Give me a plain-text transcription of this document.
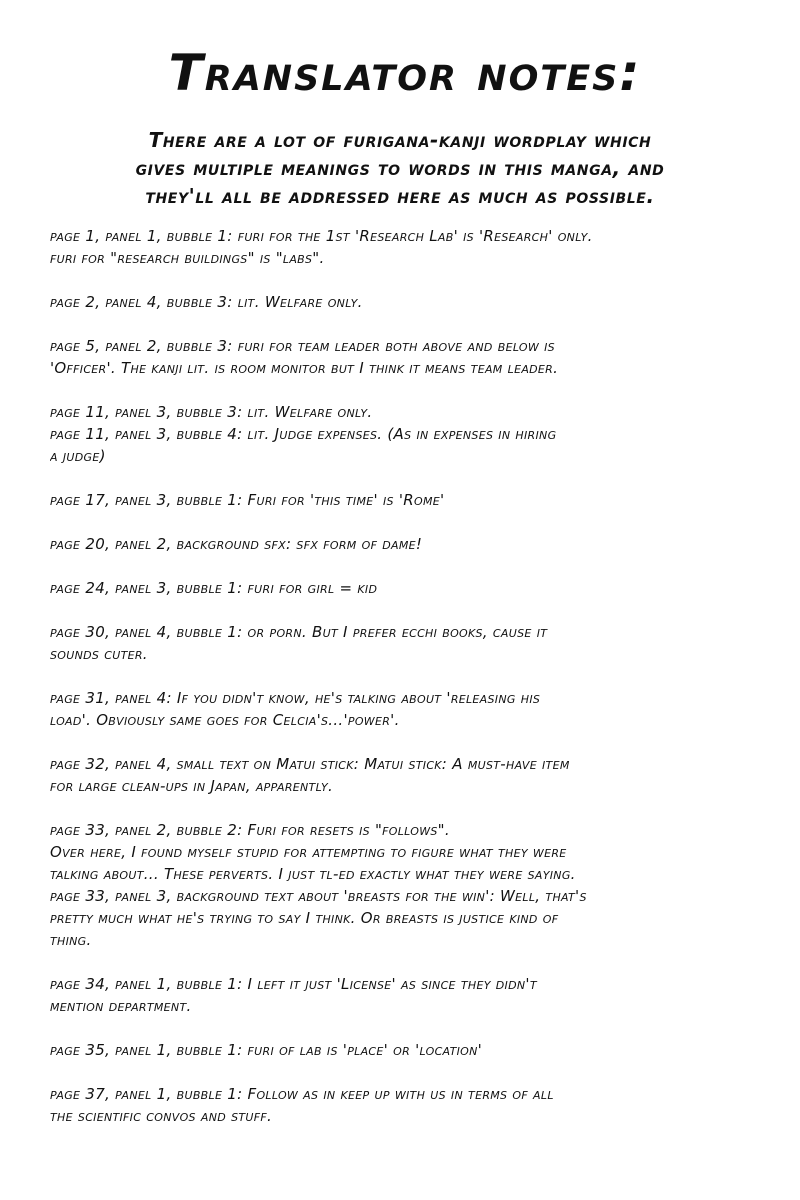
Translator notes:
There are a lot of furigana-kanji wordplay which
gives multiple meanings to words in this manga, and
they'll all be addressed here as much as possible.
page 1, panel 1, bubble 1: furi for the 1st 'Research Lab' is 'Research' only.
furi for "research buildings" is "labs".
page 2, panel 4, bubble 3: lit. Welfare only.
page 5, panel 2, bubble 3: furi for team leader both above and below is
'Officer'. The kanji lit. is room monitor but I think it means team leader.
page 11, panel 3, bubble 3: lit. Welfare only.
page 11, panel 3, bubble 4: lit. Judge expenses. (As in expenses in hiring
a judge)
page 17, panel 3, bubble 1: Furi for 'this time' is 'Rome'
page 20, panel 2, background sfx: sfx form of dame!
page 24, panel 3, bubble 1: furi for girl = kid
page 30, panel 4, bubble 1: or porn. But I prefer ecchi books, cause it
sounds cuter.
page 31, panel 4: If you didn't know, he's talking about 'releasing his
load'. Obviously same goes for Celcia's...'power'.
page 32, panel 4, small text on Matui stick: Matui stick: A must-have item
for large clean-ups in Japan, apparently.
page 33, panel 2, bubble 2: Furi for resets is "follows".
Over here, I found myself stupid for attempting to figure what they were
talking about... These perverts. I just tl-ed exactly what they were saying.
page 33, panel 3, background text about 'breasts for the win': Well, that's
pretty much what he's trying to say I think. Or breasts is justice kind of
thing.
page 34, panel 1, bubble 1: I left it just 'License' as since they didn't
mention department.
page 35, panel 1, bubble 1: furi of lab is 'place' or 'location'
page 37, panel 1, bubble 1: Follow as in keep up with us in terms of all
the scientific convos and stuff.
